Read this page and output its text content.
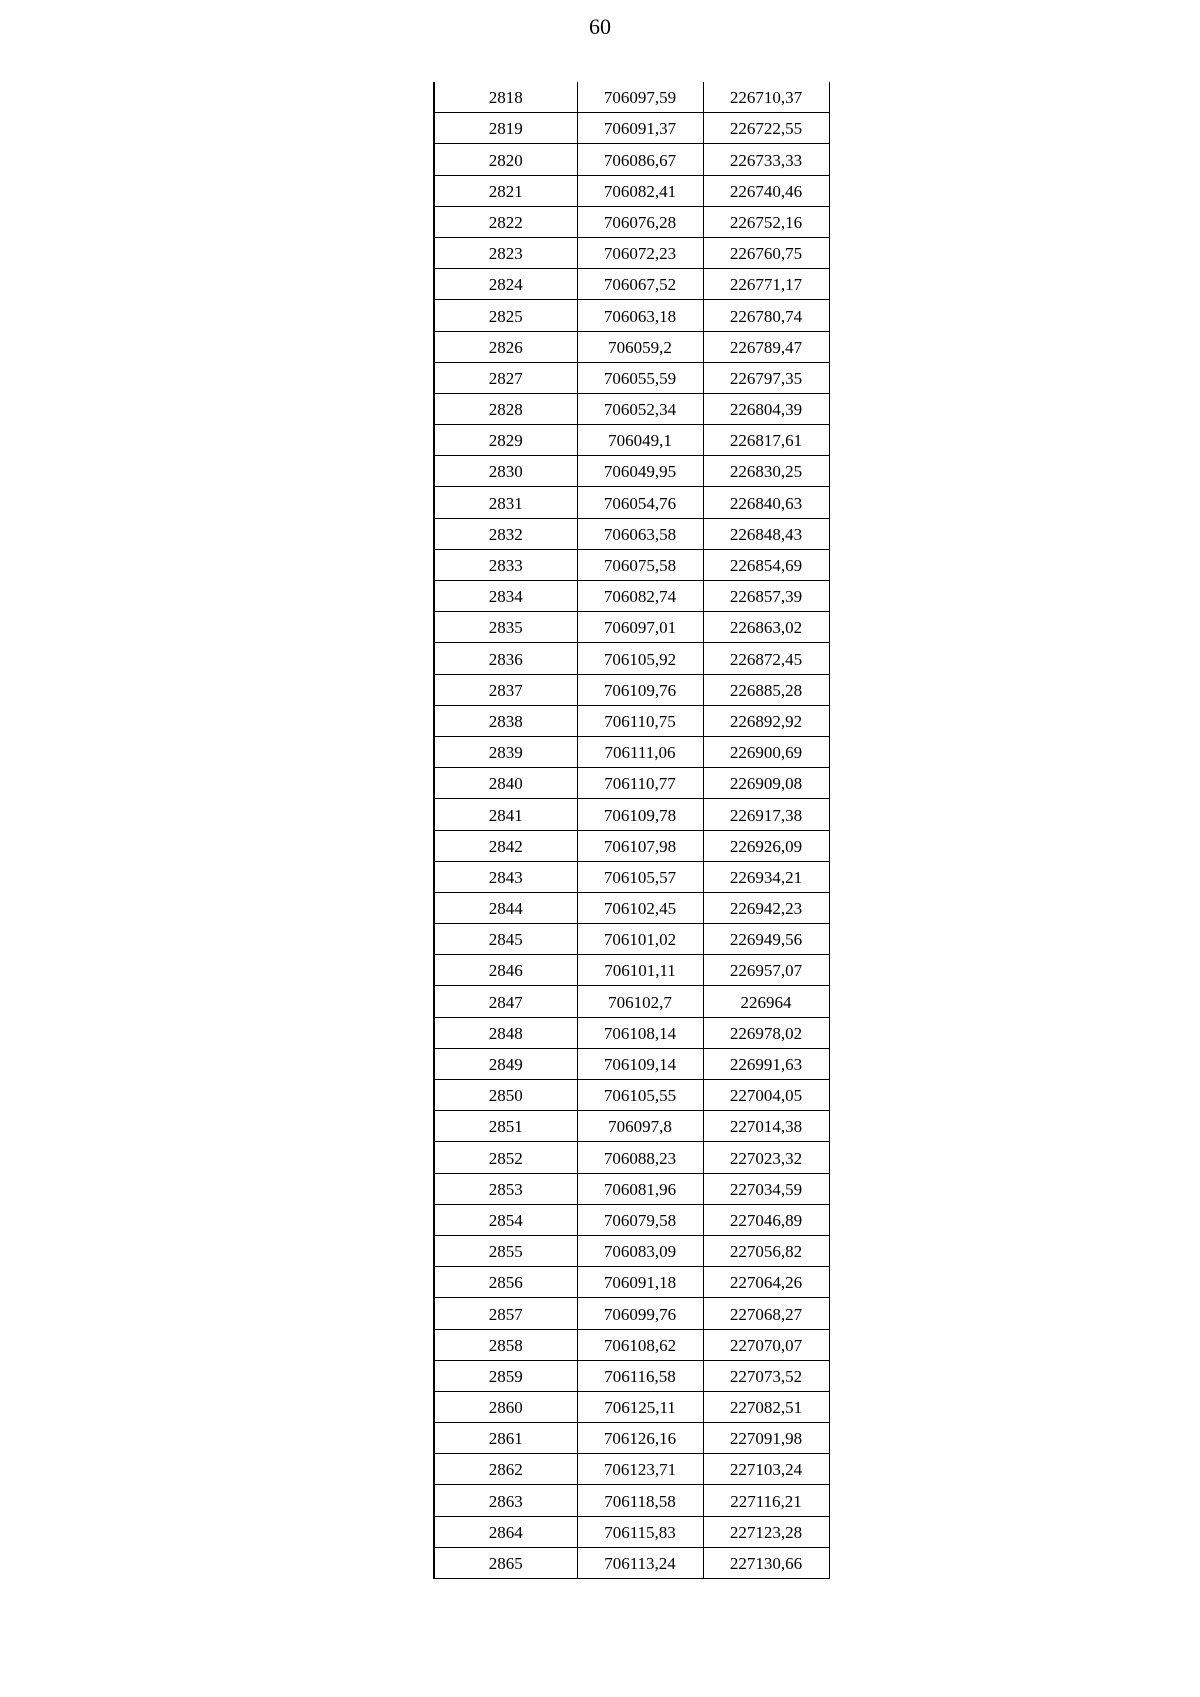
60
2818	706097,59	226710,37
2819	706091,37	226722,55
2820	706086,67	226733,33
2821	706082,41	226740,46
2822	706076,28	226752,16
2823	706072,23	226760,75
2824	706067,52	226771,17
2825	706063,18	226780,74
2826	706059,2	226789,47
2827	706055,59	226797,35
2828	706052,34	226804,39
2829	706049,1	226817,61
2830	706049,95	226830,25
2831	706054,76	226840,63
2832	706063,58	226848,43
2833	706075,58	226854,69
2834	706082,74	226857,39
2835	706097,01	226863,02
2836	706105,92	226872,45
2837	706109,76	226885,28
2838	706110,75	226892,92
2839	706111,06	226900,69
2840	706110,77	226909,08
2841	706109,78	226917,38
2842	706107,98	226926,09
2843	706105,57	226934,21
2844	706102,45	226942,23
2845	706101,02	226949,56
2846	706101,11	226957,07
2847	706102,7	226964
2848	706108,14	226978,02
2849	706109,14	226991,63
2850	706105,55	227004,05
2851	706097,8	227014,38
2852	706088,23	227023,32
2853	706081,96	227034,59
2854	706079,58	227046,89
2855	706083,09	227056,82
2856	706091,18	227064,26
2857	706099,76	227068,27
2858	706108,62	227070,07
2859	706116,58	227073,52
2860	706125,11	227082,51
2861	706126,16	227091,98
2862	706123,71	227103,24
2863	706118,58	227116,21
2864	706115,83	227123,28
2865	706113,24	227130,66
